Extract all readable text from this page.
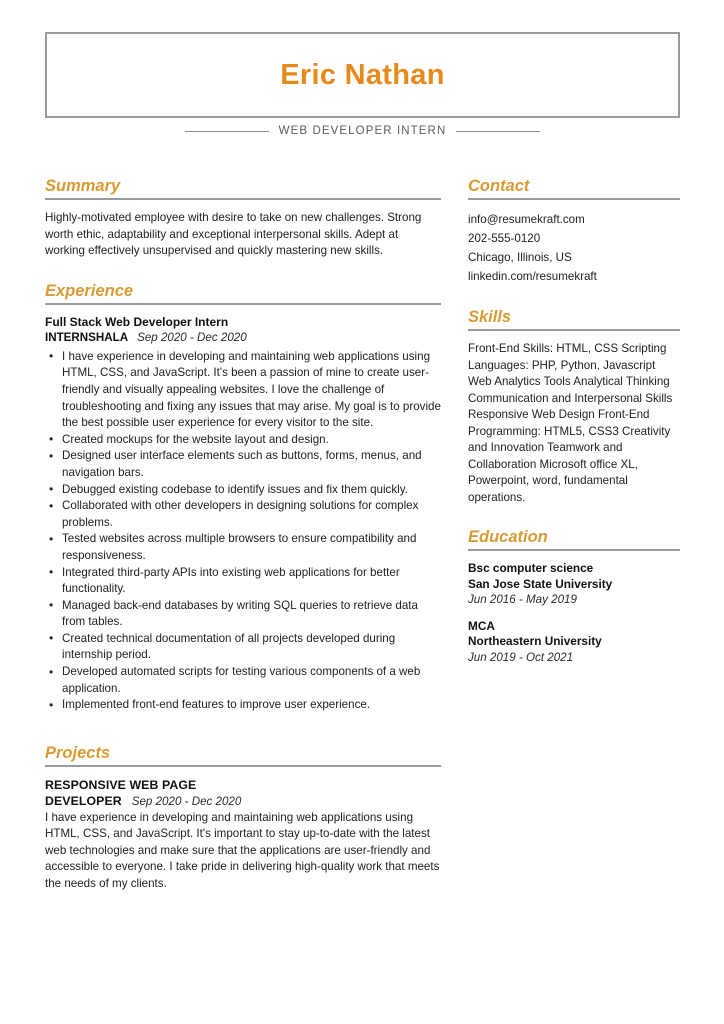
Eric Nathan
WEB DEVELOPER INTERN
Summary

Highly-motivated employee with desire to take on new challenges. Strong worth ethic, adaptability and exceptional interpersonal skills. Adept at working effectively unsupervised and quickly mastering new skills.

Experience
Full Stack Web Developer Intern
INTERNSHALA Sep 2020 - Dec 2020
• I have experience in developing and maintaining web applications using HTML, CSS, and JavaScript. It's been a passion of mine to create user-friendly and visually appealing websites. I love the challenge of troubleshooting and fixing any issues that may arise. My goal is to provide the best possible user experience for every visitor to the site.
• Created mockups for the website layout and design.
• Designed user interface elements such as buttons, forms, menus, and navigation bars.
• Debugged existing codebase to identify issues and fix them quickly.
• Collaborated with other developers in designing solutions for complex problems.
• Tested websites across multiple browsers to ensure compatibility and responsiveness.
• Integrated third-party APIs into existing web applications for better functionality.
• Managed back-end databases by writing SQL queries to retrieve data from tables.
• Created technical documentation of all projects developed during internship period.
• Developed automated scripts for testing various components of a web application.
• Implemented front-end features to improve user experience.
Projects
RESPONSIVE WEB PAGE
DEVELOPER Sep 2020 - Dec 2020

I have experience in developing and maintaining web applications using HTML, CSS, and JavaScript. It's important to stay up-to-date with the latest web technologies and make sure that the applications are user-friendly and accessible to everyone. I take pride in delivering high-quality work that meets the needs of my clients.

Contact
info@resumekraft.com
202-555-0120
Chicago, Illinois, US
linkedin.com/resumekraft
Skills

Front-End Skills: HTML, CSS Scripting Languages: PHP, Python, Javascript Web Analytics Tools Analytical Thinking Communication and Interpersonal Skills Responsive Web Design Front-End Programming: HTML5, CSS3 Creativity and Innovation Teamwork and Collaboration Microsoft office XL, Powerpoint, word, fundamental operations.

Education
Bsc computer science
San Jose State University
Jun 2016 - May 2019
MCA
Northeastern University
Jun 2019 - Oct 2021
